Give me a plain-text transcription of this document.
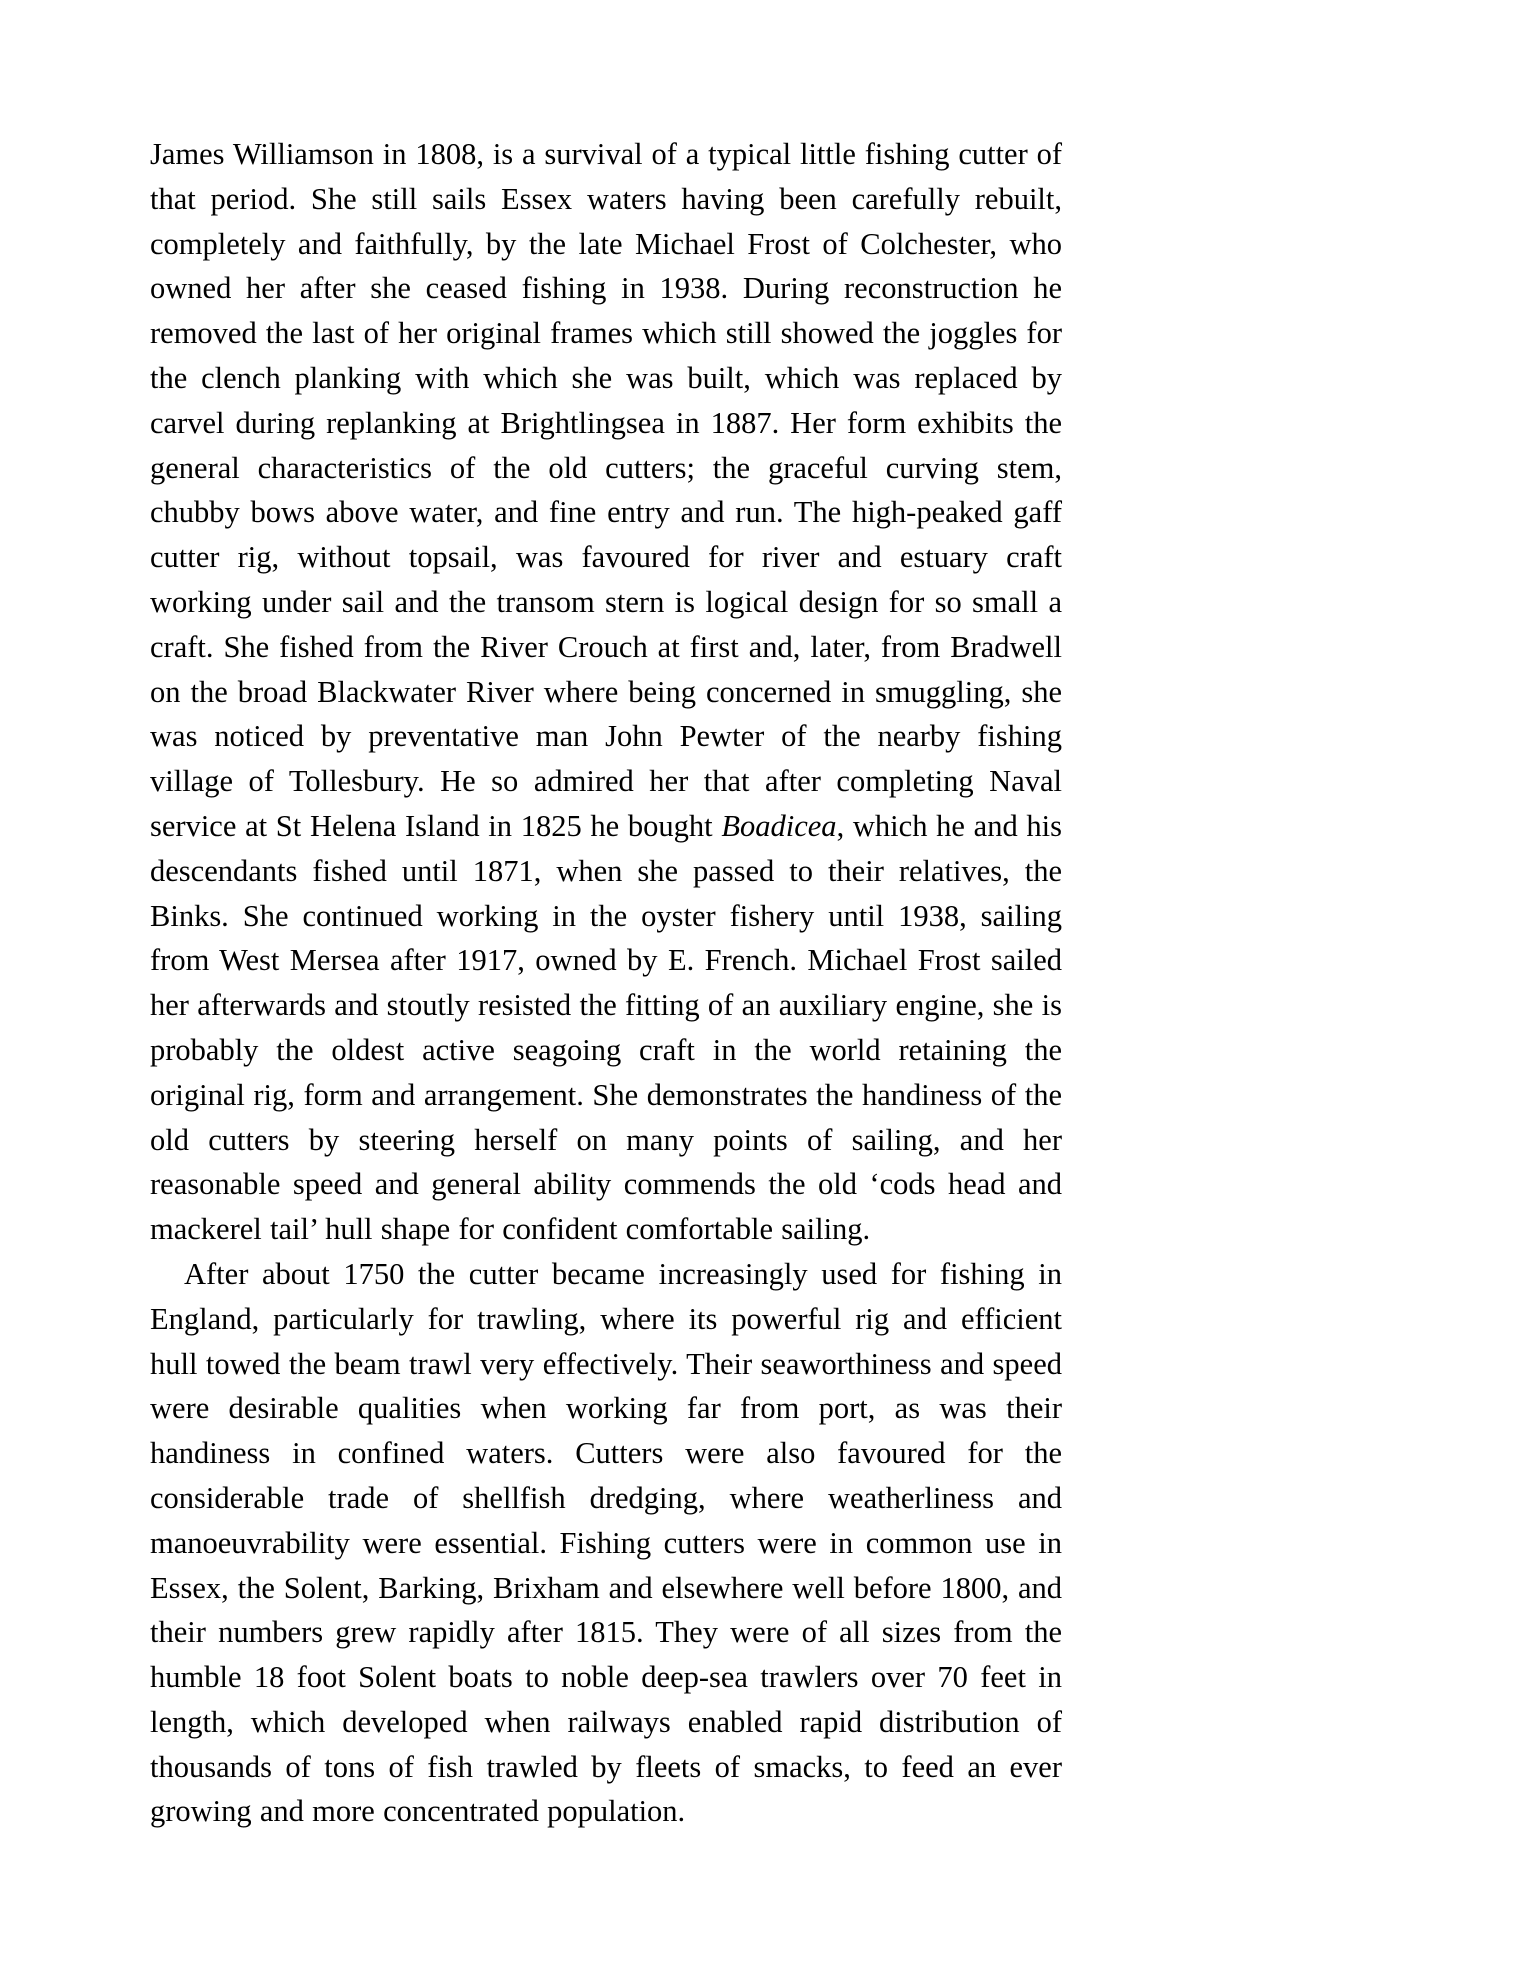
James Williamson in 1808, is a survival of a typical little fishing cutter of that period. She still sails Essex waters having been carefully rebuilt, completely and faithfully, by the late Michael Frost of Colchester, who owned her after she ceased fishing in 1938. During reconstruction he removed the last of her original frames which still showed the joggles for the clench planking with which she was built, which was replaced by carvel during replanking at Brightlingsea in 1887. Her form exhibits the general characteristics of the old cutters; the graceful curving stem, chubby bows above water, and fine entry and run. The high-peaked gaff cutter rig, without topsail, was favoured for river and estuary craft working under sail and the transom stern is logical design for so small a craft. She fished from the River Crouch at first and, later, from Bradwell on the broad Blackwater River where being concerned in smuggling, she was noticed by preventative man John Pewter of the nearby fishing village of Tollesbury. He so admired her that after completing Naval service at St Helena Island in 1825 he bought Boadicea, which he and his descendants fished until 1871, when she passed to their relatives, the Binks. She continued working in the oyster fishery until 1938, sailing from West Mersea after 1917, owned by E. French. Michael Frost sailed her afterwards and stoutly resisted the fitting of an auxiliary engine, she is probably the oldest active seagoing craft in the world retaining the original rig, form and arrangement. She demonstrates the handiness of the old cutters by steering herself on many points of sailing, and her reasonable speed and general ability commends the old ‘cods head and mackerel tail’ hull shape for confident comfortable sailing.

After about 1750 the cutter became increasingly used for fishing in England, particularly for trawling, where its powerful rig and efficient hull towed the beam trawl very effectively. Their seaworthiness and speed were desirable qualities when working far from port, as was their handiness in confined waters. Cutters were also favoured for the considerable trade of shellfish dredging, where weatherliness and manoeuvrability were essential. Fishing cutters were in common use in Essex, the Solent, Barking, Brixham and elsewhere well before 1800, and their numbers grew rapidly after 1815. They were of all sizes from the humble 18 foot Solent boats to noble deep-sea trawlers over 70 feet in length, which developed when railways enabled rapid distribution of thousands of tons of fish trawled by fleets of smacks, to feed an ever growing and more concentrated population.
